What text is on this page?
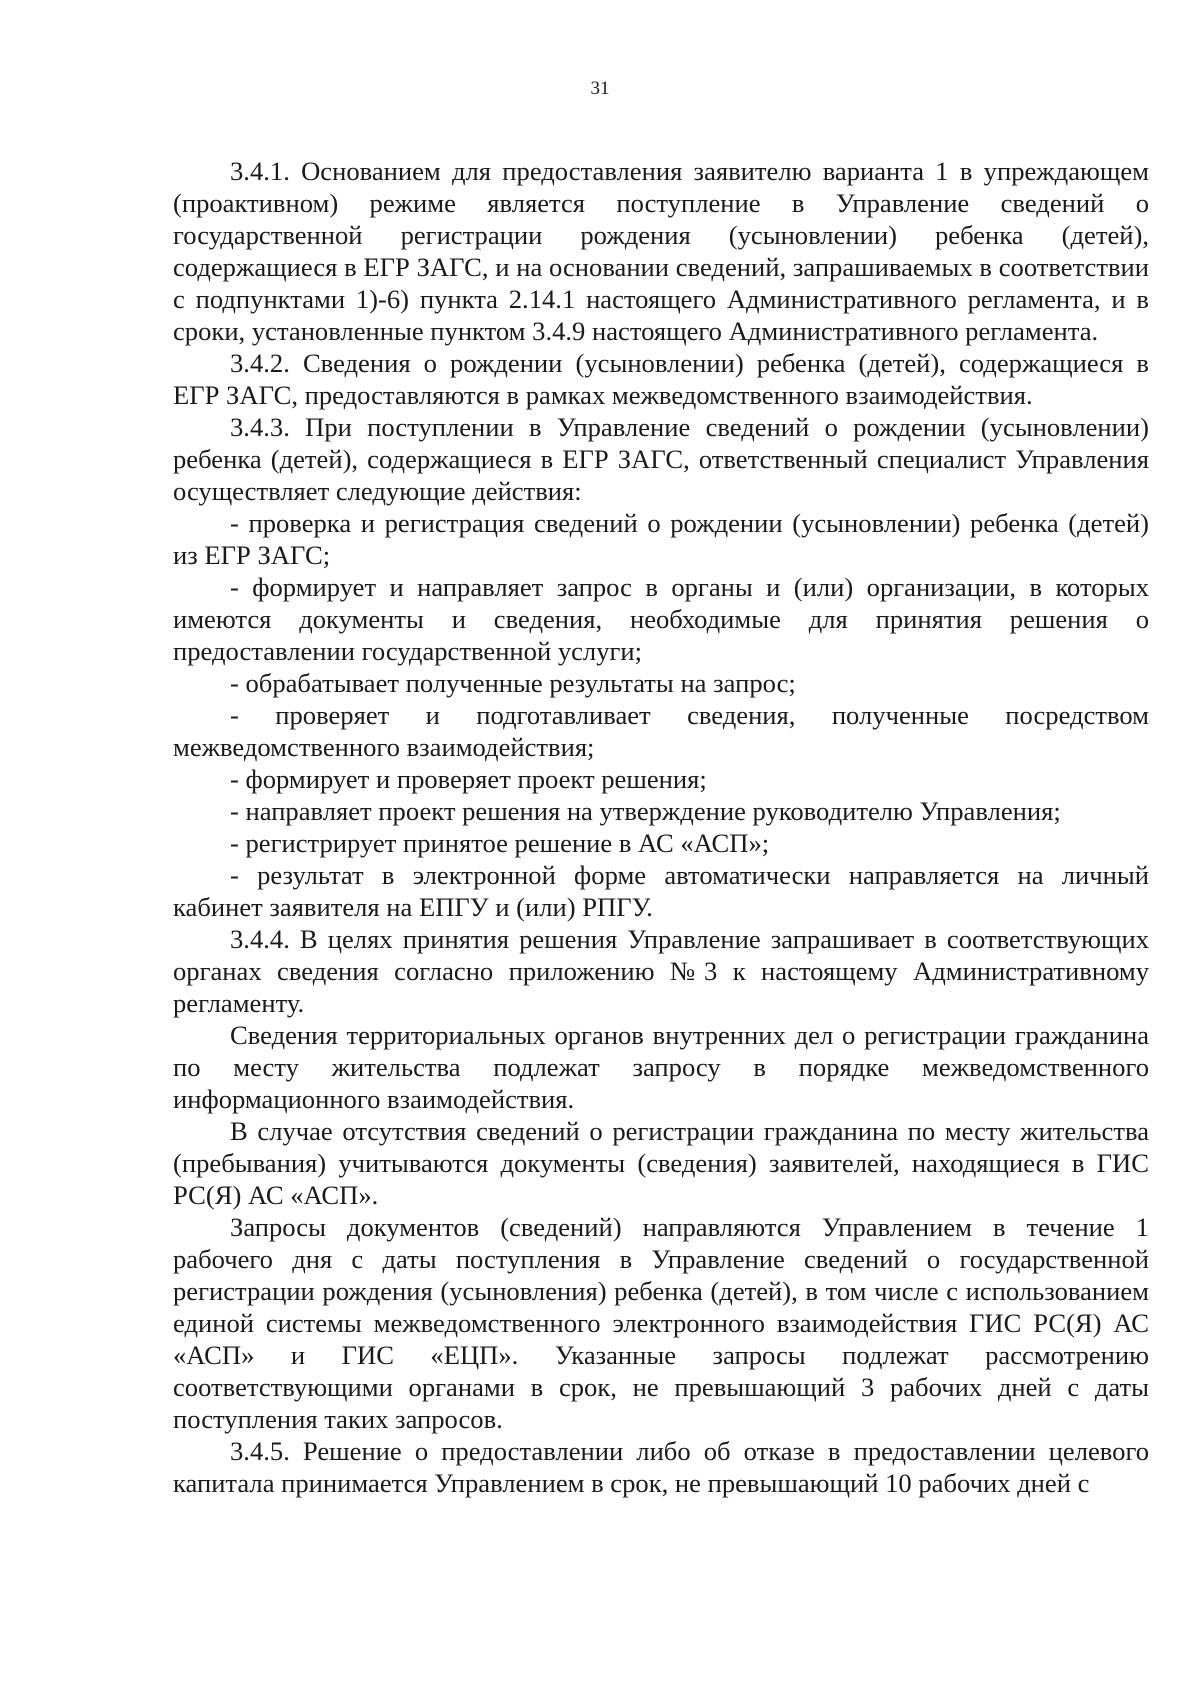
31

3.4.1. Основанием для предоставления заявителю варианта 1 в упреждающем (проактивном) режиме является поступление в Управление сведений о государственной регистрации рождения (усыновлении) ребенка (детей), содержащиеся в ЕГР ЗАГС, и на основании сведений, запрашиваемых в соответствии с подпунктами 1)-6) пункта 2.14.1 настоящего Административного регламента, и в сроки, установленные пунктом 3.4.9 настоящего Административного регламента.

3.4.2. Сведения о рождении (усыновлении) ребенка (детей), содержащиеся в ЕГР ЗАГС, предоставляются в рамках межведомственного взаимодействия.

3.4.3. При поступлении в Управление сведений о рождении (усыновлении) ребенка (детей), содержащиеся в ЕГР ЗАГС, ответственный специалист Управления осуществляет следующие действия:

- проверка и регистрация сведений о рождении (усыновлении) ребенка (детей) из ЕГР ЗАГС;

- формирует и направляет запрос в органы и (или) организации, в которых имеются документы и сведения, необходимые для принятия решения о предоставлении государственной услуги;

- обрабатывает полученные результаты на запрос;

- проверяет и подготавливает сведения, полученные посредством межведомственного взаимодействия;

- формирует и проверяет проект решения;

- направляет проект решения на утверждение руководителю Управления;

- регистрирует принятое решение в АС «АСП»;

- результат в электронной форме автоматически направляется на личный кабинет заявителя на ЕПГУ и (или) РПГУ.

3.4.4. В целях принятия решения Управление запрашивает в соответствующих органах сведения согласно приложению №3 к настоящему Административному регламенту.

Сведения территориальных органов внутренних дел о регистрации гражданина по месту жительства подлежат запросу в порядке межведомственного информационного взаимодействия.

В случае отсутствия сведений о регистрации гражданина по месту жительства (пребывания) учитываются документы (сведения) заявителей, находящиеся в ГИС РС(Я) АС «АСП».

Запросы документов (сведений) направляются Управлением в течение 1 рабочего дня с даты поступления в Управление сведений о государственной регистрации рождения (усыновления) ребенка (детей), в том числе с использованием единой системы межведомственного электронного взаимодействия ГИС РС(Я) АС «АСП» и ГИС «ЕЦП». Указанные запросы подлежат рассмотрению соответствующими органами в срок, не превышающий 3 рабочих дней с даты поступления таких запросов.

3.4.5. Решение о предоставлении либо об отказе в предоставлении целевого капитала принимается Управлением в срок, не превышающий 10 рабочих дней с
